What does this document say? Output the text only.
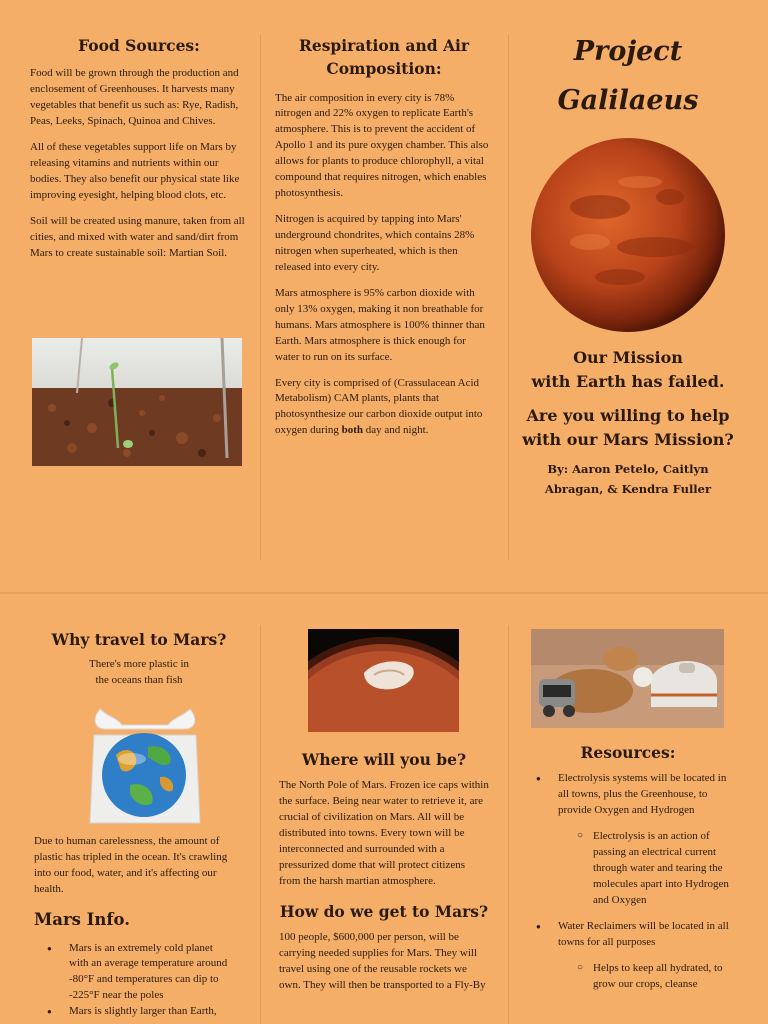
Food Sources:

Food will be grown through the production and enclosement of Greenhouses. It harvests many vegetables that benefit us such as: Rye, Radish, Peas, Leeks, Spinach, Quinoa and Chives.

All of these vegetables support life on Mars by releasing vitamins and nutrients within our bodies. They also benefit our physical state like improving eyesight, helping blood clots, etc.

Soil will be created using manure, taken from all cities, and mixed with water and sand/dirt from Mars to create sustainable soil: Martian Soil.

Respiration and Air Composition:

The air composition in every city is 78% nitrogen and 22% oxygen to replicate Earth's atmosphere. This is to prevent the accident of Apollo 1 and its pure oxygen chamber. This also allows for plants to produce chlorophyll, a vital compound that requires nitrogen, which enables photosynthesis.

Nitrogen is acquired by tapping into Mars' underground chondrites, which contains 28% nitrogen when superheated, which is then released into every city.

Mars atmosphere is 95% carbon dioxide with only 13% oxygen, making it non breathable for humans. Mars atmosphere is 100% thinner than Earth. Mars atmosphere is thick enough for water to run on its surface.

Every city is comprised of (Crassulacean Acid Metabolism) CAM plants, plants that photosynthesize our carbon dioxide output into oxygen during both day and night.

Project
Galilaeus
Our Mission
with Earth has failed.
Are you willing to help
with our Mars Mission?
By: Aaron Petelo, Caitlyn
Abragan, & Kendra Fuller
Why travel to Mars?
There's more plastic in
the oceans than fish

Due to human carelessness, the amount of plastic has tripled in the ocean. It's crawling into our food, water, and it's affecting our health.

Mars Info.
● Mars is an extremely cold planet with an average temperature around -80°F and temperatures can dip to -225°F near the poles
● Mars is slightly larger than Earth,
Where will you be?

The North Pole of Mars. Frozen ice caps within the surface. Being near water to retrieve it, are crucial of civilization on Mars. All will be distributed into towns. Every town will be interconnected and surrounded with a pressurized dome that will protect citizens from the harsh martian atmosphere.

How do we get to Mars?

100 people, $600,000 per person, will be carrying needed supplies for Mars. They will travel using one of the reusable rockets we own. They will then be transported to a Fly-By

Resources:
● Electrolysis systems will be located in all towns, plus the Greenhouse, to provide Oxygen and Hydrogen
○ Electrolysis is an action of passing an electrical current through water and tearing the molecules apart into Hydrogen and Oxygen
● Water Reclaimers will be located in all towns for all purposes
○ Helps to keep all hydrated, to grow our crops, cleanse
